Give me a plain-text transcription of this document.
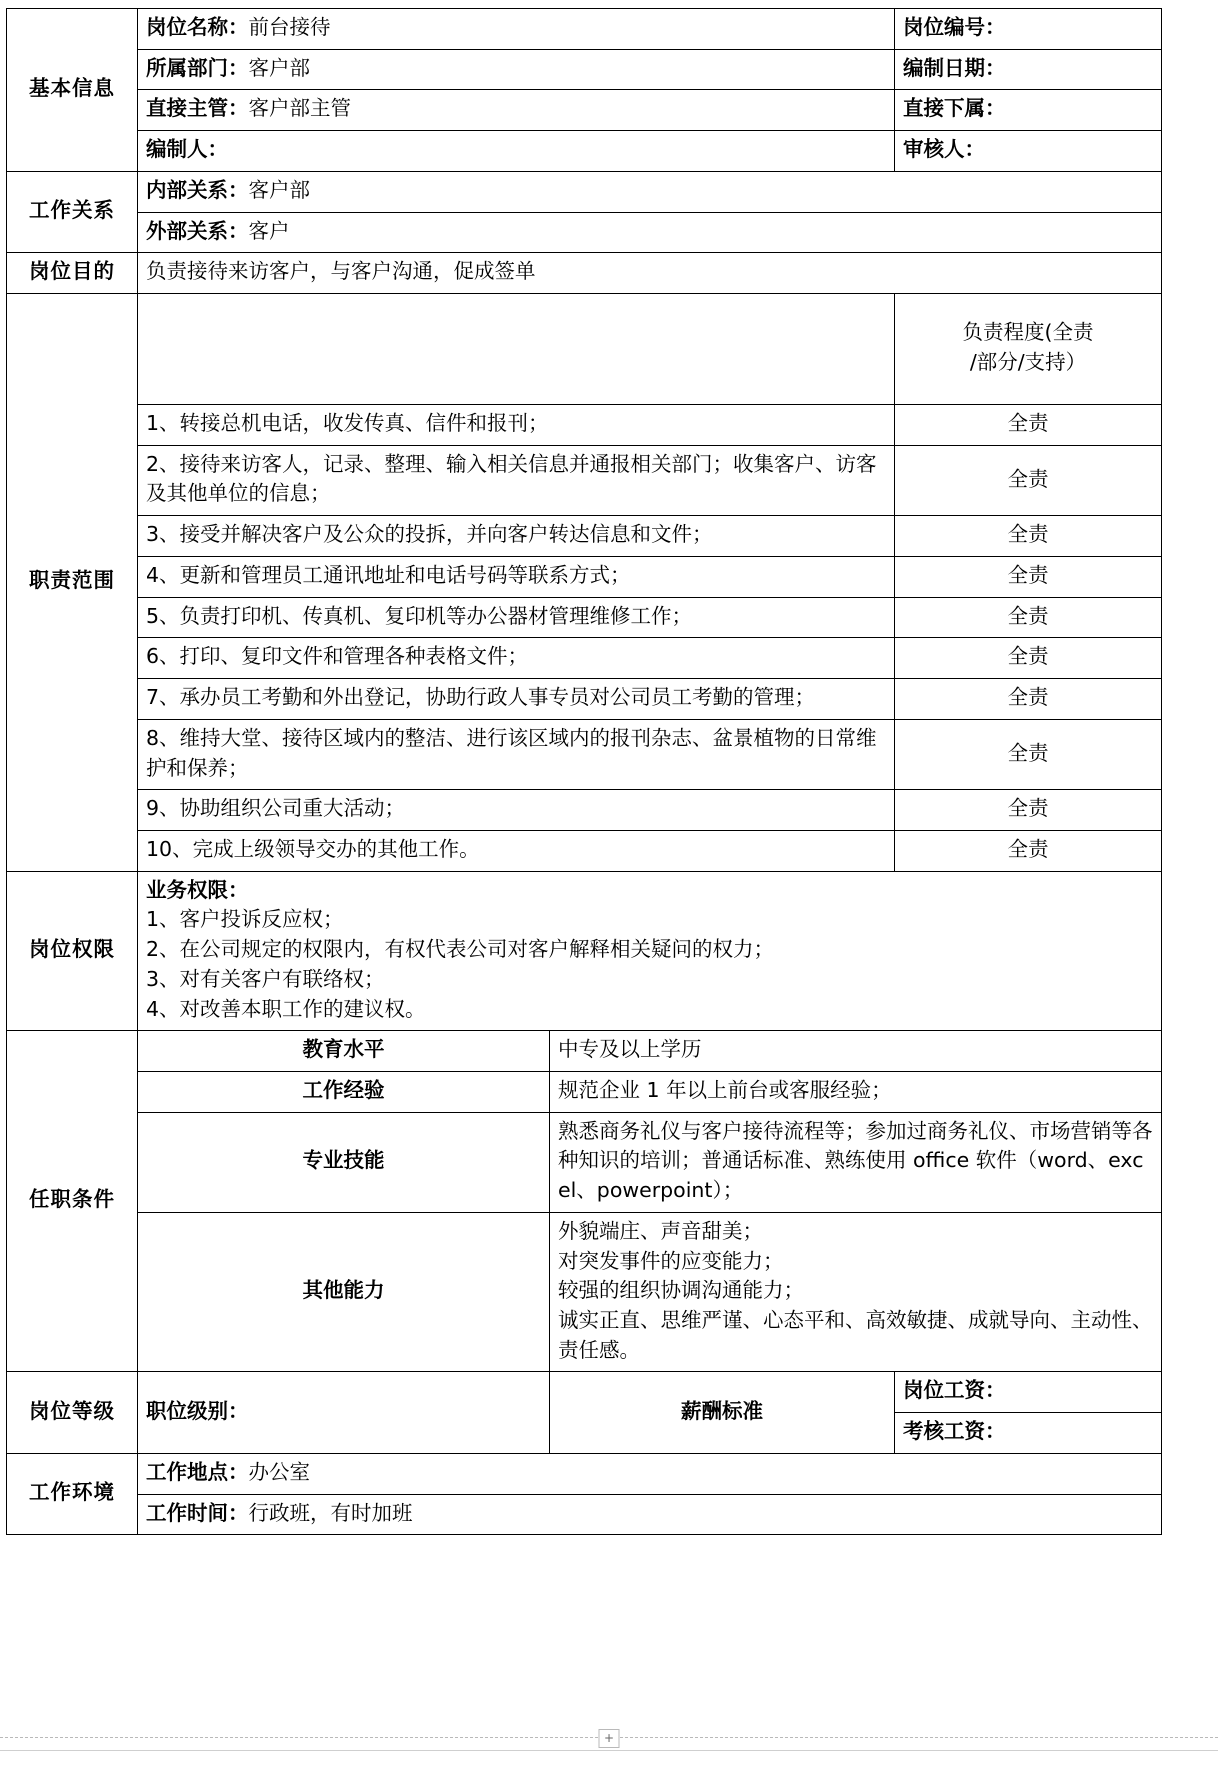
基本信息	岗位名称：前台接待		岗位编号：
	所属部门：客户部		编制日期：
	直接主管：客户部主管		直接下属：
	编制人：		审核人：
工作关系	内部关系：客户部		
	外部关系：客户		
岗位目的	负责接待来访客户，与客户沟通，促成签单		
职责范围			负责程度(全责
/部分/支持）

	1、转接总机电话，收发传真、信件和报刊；		全责
	2、接待来访客人，记录、整理、输入相关信息并通报相关部门；收集客户、访客及其他单位的信息；		全责
	3、接受并解决客户及公众的投拆，并向客户转达信息和文件；		全责
	4、更新和管理员工通讯地址和电话号码等联系方式；		全责
	5、负责打印机、传真机、复印机等办公器材管理维修工作；		全责
	6、打印、复印文件和管理各种表格文件；		全责
	7、承办员工考勤和外出登记，协助行政人事专员对公司员工考勤的管理；		全责
	8、维持大堂、接待区域内的整洁、进行该区域内的报刊杂志、盆景植物的日常维护和保养；		全责
	9、协助组织公司重大活动；		全责
	10、完成上级领导交办的其他工作。		全责
岗位权限	业务权限：
1、客户投诉反应权；
2、在公司规定的权限内，有权代表公司对客户解释相关疑问的权力；
3、对有关客户有联络权；
4、对改善本职工作的建议权。		

任职条件	教育水平	中专及以上学历	
	工作经验	规范企业 1 年以上前台或客服经验；	
	专业技能	熟悉商务礼仪与客户接待流程等；参加过商务礼仪、市场营销等各种知识的培训；普通话标准、熟练使用 office 软件（word、excel、powerpoint）；	
	其他能力	外貌端庄、声音甜美；
对突发事件的应变能力；
较强的组织协调沟通能力；
诚实正直、思维严谨、心态平和、高效敏捷、成就导向、主动性、责任感。	

岗位等级	职位级别：	薪酬标准	岗位工资：
			考核工资：
工作环境	工作地点：办公室		
	工作时间：行政班，有时加班		
+
